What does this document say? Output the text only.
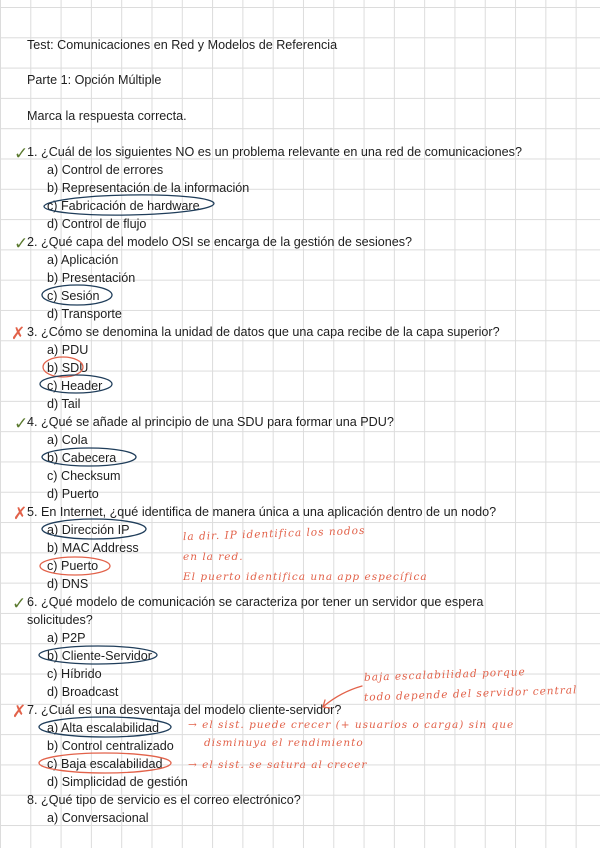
Test: Comunicaciones en Red y Modelos de Referencia
Parte 1: Opción Múltiple
Marca la respuesta correcta.
1. ¿Cuál de los siguientes NO es un problema relevante en una red de comunicaciones?
a) Control de errores
b) Representación de la información
c) Fabricación de hardware
d) Control de flujo
2. ¿Qué capa del modelo OSI se encarga de la gestión de sesiones?
a) Aplicación
b) Presentación
c) Sesión
d) Transporte
3. ¿Cómo se denomina la unidad de datos que una capa recibe de la capa superior?
a) PDU
b) SDU
c) Header
d) Tail
4. ¿Qué se añade al principio de una SDU para formar una PDU?
a) Cola
b) Cabecera
c) Checksum
d) Puerto
5. En Internet, ¿qué identifica de manera única a una aplicación dentro de un nodo?
a) Dirección IP
b) MAC Address
c) Puerto
d) DNS
6. ¿Qué modelo de comunicación se caracteriza por tener un servidor que espera
solicitudes?
a) P2P
b) Cliente-Servidor
c) Híbrido
d) Broadcast
7. ¿Cuál es una desventaja del modelo cliente-servidor?
a) Alta escalabilidad
b) Control centralizado
c) Baja escalabilidad
d) Simplicidad de gestión
8. ¿Qué tipo de servicio es el correo electrónico?
a) Conversacional
✓
✓
✗
✓
✗
✓
✗
la dir. IP identifica los nodos
en la red.
El puerto identifica una app específica
baja escalabilidad porque
todo depende del servidor central
→ el sist. puede crecer (+ usuarios o carga) sin que
disminuya el rendimiento
→ el sist. se satura al crecer
